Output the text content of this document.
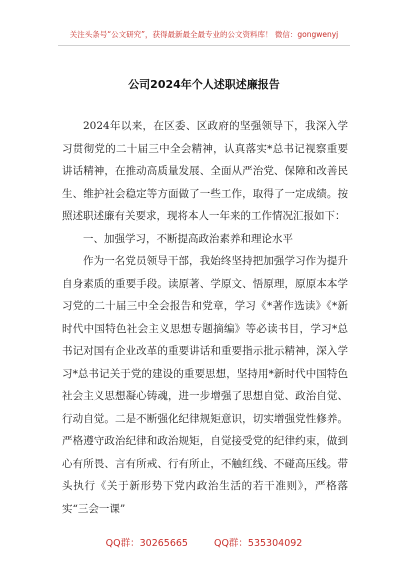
关注头条号“公文研究”，获得最新最全最专业的公文资料库！ 微信：gongwenyj
公司2024年个人述职述廉报告

2024年以来，在区委、区政府的坚强领导下，我深入学习贯彻党的二十届三中全会精神，认真落实*总书记视察重要讲话精神，在推动高质量发展、全面从严治党、保障和改善民生、维护社会稳定等方面做了一些工作，取得了一定成绩。按照述职述廉有关要求，现将本人一年来的工作情况汇报如下：

一、加强学习，不断提高政治素养和理论水平

作为一名党员领导干部，我始终坚持把加强学习作为提升自身素质的重要手段。读原著、学原文、悟原理，原原本本学习党的二十届三中全会报告和党章，学习《*著作选读》《*新时代中国特色社会主义思想专题摘编》等必读书目，学习*总书记对国有企业改革的重要讲话和重要指示批示精神，深入学习*总书记关于党的建设的重要思想，坚持用*新时代中国特色社会主义思想凝心铸魂，进一步增强了思想自觉、政治自觉、行动自觉。二是不断强化纪律规矩意识，切实增强党性修养。严格遵守政治纪律和政治规矩，自觉接受党的纪律约束，做到心有所畏、言有所戒、行有所止，不触红线、不碰高压线。带头执行《关于新形势下党内政治生活的若干准则》，严格落实“三会一课”

QQ群：30265665	QQ群：535304092
